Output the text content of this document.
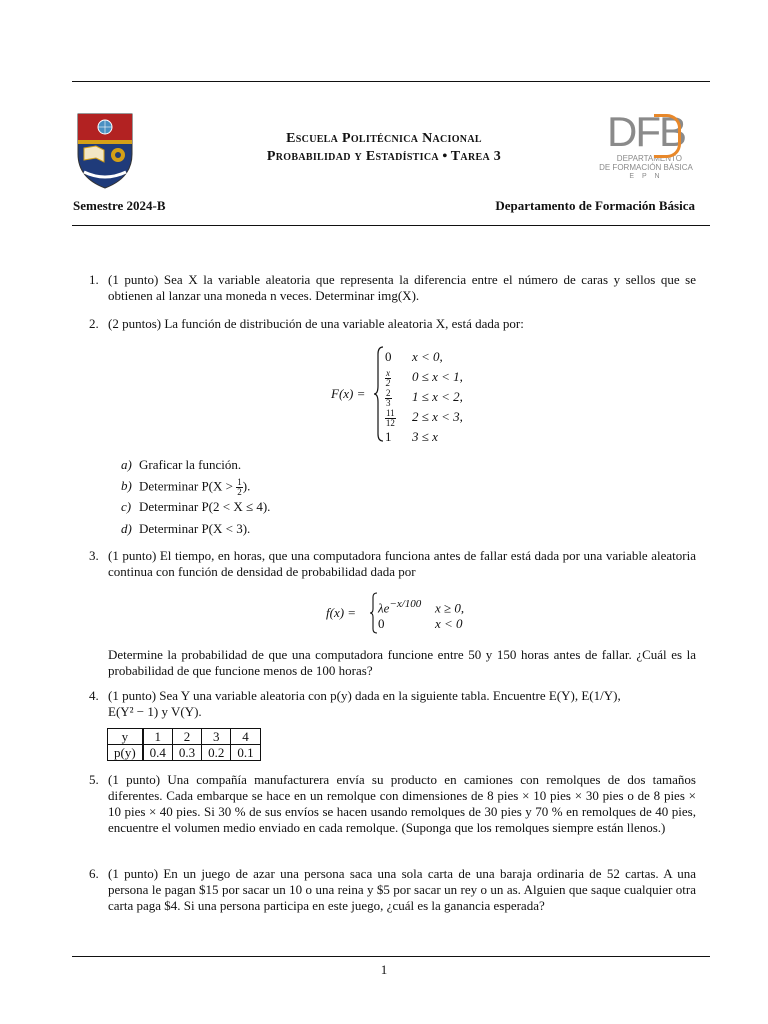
Escuela Politécnica Nacional
Probabilidad y Estadística • Tarea 3
DFB
DEPARTAMENTO
DE FORMACIÓN BÁSICA
E P N
Semestre 2024-B	Departamento de Formación Básica
1. (1 punto) Sea X la variable aleatoria que representa la diferencia entre el número de caras y sellos que se obtienen al lanzar una moneda n veces. Determinar img(X).
2. (2 puntos) La función de distribución de una variable aleatoria X, está dada por:
F(x) =
0 x < 0,
$\frac{x}{2} 0 \le x < 1$,
$\frac{2}{3} 1 \le x < 2$,
$\frac{11}{12} 2 \le x < 3$,
1 3 ≤ x
a) Graficar la función.
b) Determinar $P(X > \frac{1}{2}$ ).
c) Determinar P(2 < X ≤ 4).
d) Determinar P(X < 3).
3. (1 punto) El tiempo, en horas, que una computadora funciona antes de fallar está dada por una variable aleatoria continua con función de densidad de probabilidad dada por
$f(x) = \lambda e^{-x/100}$ x ≥ 0,
0	x < 0
Determine la probabilidad de que una computadora funcione entre 50 y 150 horas antes de fallar. ¿Cuál es la probabilidad de que funcione menos de 100 horas?
4. (1 punto) Sea Y una variable aleatoria con p(y) dada en la siguiente tabla. Encuentre E(Y), E(1/Y),
E(Y² − 1) y V(Y).
y	1	2	3	4
p(y)	0.4	0.3	0.2	0.1
5. (1 punto) Una compañía manufacturera envía su producto en camiones con remolques de dos tamaños diferentes. Cada embarque se hace en un remolque con dimensiones de 8 pies × 10 pies × 30 pies o de 8 pies × 10 pies × 40 pies. Si 30 % de sus envíos se hacen usando remolques de 30 pies y 70 % en remolques de 40 pies, encuentre el volumen medio enviado en cada remolque. (Suponga que los remolques siempre están llenos.)
6. (1 punto) En un juego de azar una persona saca una sola carta de una baraja ordinaria de 52 cartas. A una persona le pagan $15 por sacar un 10 o una reina y $5 por sacar un rey o un as. Alguien que saque cualquier otra carta paga $4. Si una persona participa en este juego, ¿cuál es la ganancia esperada?
1
